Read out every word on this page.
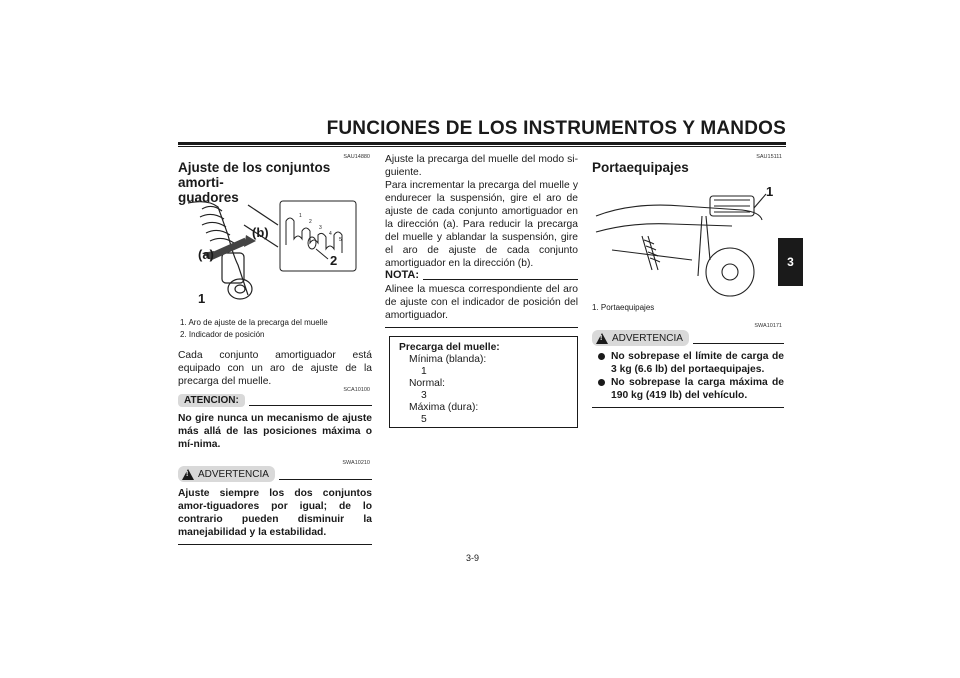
FUNCIONES DE LOS INSTRUMENTOS Y MANDOS
3
SAU14880
Ajuste de los conjuntos amorti-
guadores
1
2
3
4
5
(b)
(a)	2
1
1. Aro de ajuste de la precarga del muelle
2. Indicador de posición
Cada conjunto amortiguador está equipado con un aro de ajuste de la precarga del muelle.
SCA10100
ATENCION:
No gire nunca un mecanismo de ajuste más allá de las posiciones máxima o mí-nima.
SWA10210
! ADVERTENCIA
Ajuste siempre los dos conjuntos amor-tiguadores por igual; de lo contrario pueden disminuir la manejabilidad y la estabilidad.
Ajuste la precarga del muelle del modo si-guiente.
Para incrementar la precarga del muelle y endurecer la suspensión, gire el aro de ajuste de cada conjunto amortiguador en la dirección (a). Para reducir la precarga del muelle y ablandar la suspensión, gire el aro de ajuste de cada conjunto amortiguador en la dirección (b).
NOTA:
Alinee la muesca correspondiente del aro de ajuste con el indicador de posición del amortiguador.
Precarga del muelle:
Mínima (blanda):
1
Normal:
3
Máxima (dura):
5
SAU15111
Portaequipajes
1
1. Portaequipajes
SWA10171
! ADVERTENCIA
No sobrepase el límite de carga de 3 kg (6.6 lb) del portaequipajes.
No sobrepase la carga máxima de 190 kg (419 lb) del vehículo.
3-9
